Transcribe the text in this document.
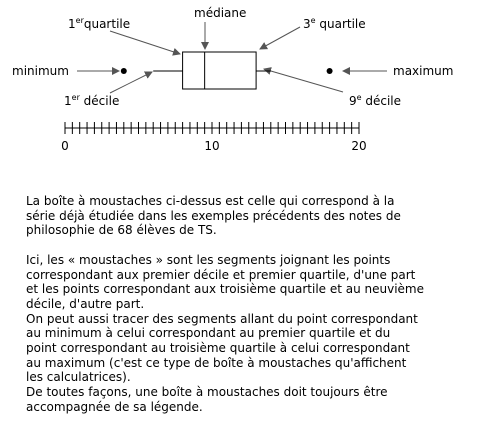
1erquartile
médiane
3e quartile
minimum	maximum
1er décile	9e décile
0	10	20

La boîte à moustaches ci-dessus est celle qui correspond à la
série déjà étudiée dans les exemples précédents des notes de
philosophie de 68 élèves de TS.

Ici, les « moustaches » sont les segments joignant les points
correspondant aux premier décile et premier quartile, d'une part
et les points correspondant aux troisième quartile et au neuvième
décile, d'autre part.

On peut aussi tracer des segments allant du point correspondant
au minimum à celui correspondant au premier quartile et du
point correspondant au troisième quartile à celui correspondant
au maximum (c'est ce type de boîte à moustaches qu'affichent
les calculatrices).

De toutes façons, une boîte à moustaches doit toujours être
accompagnée de sa légende.
